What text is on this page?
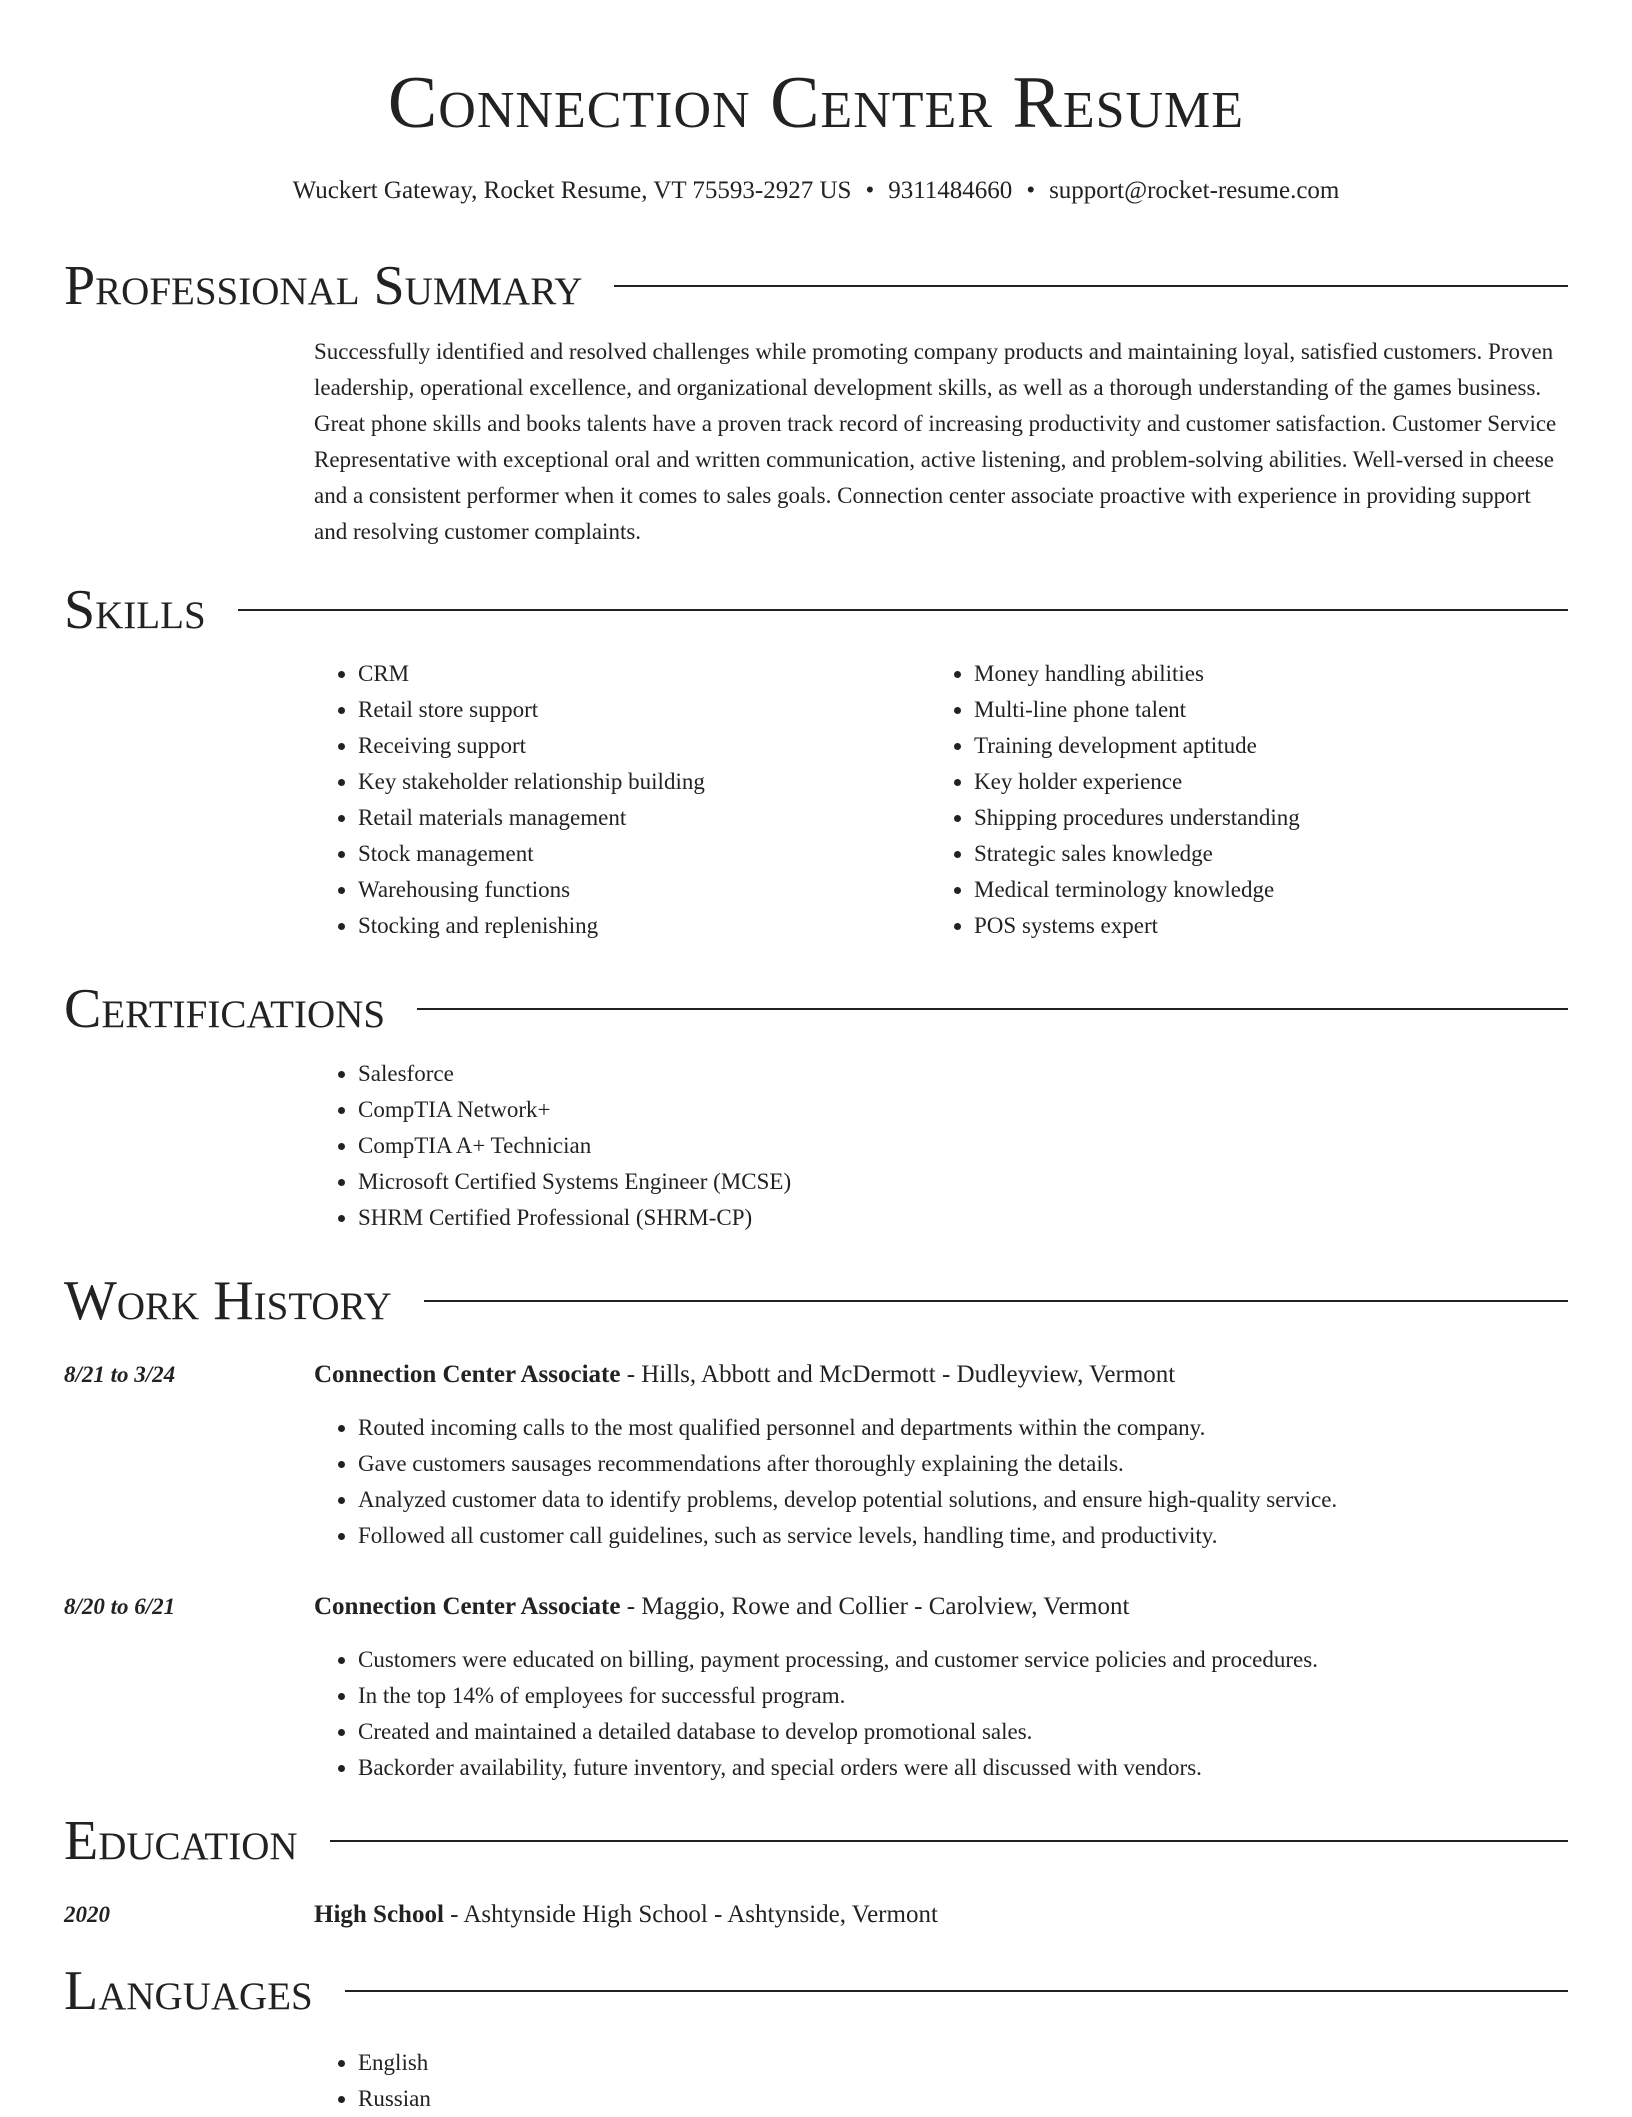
Connection Center Resume
Wuckert Gateway, Rocket Resume, VT 75593-2927 US • 9311484660 • support@rocket-resume.com
Professional Summary
Successfully identified and resolved challenges while promoting company products and maintaining loyal, satisfied customers. Proven leadership, operational excellence, and organizational development skills, as well as a thorough understanding of the games business. Great phone skills and books talents have a proven track record of increasing productivity and customer satisfaction. Customer Service Representative with exceptional oral and written communication, active listening, and problem-solving abilities. Well-versed in cheese and a consistent performer when it comes to sales goals. Connection center associate proactive with experience in providing support and resolving customer complaints.
Skills
• CRM
• Retail store support
• Receiving support
• Key stakeholder relationship building
• Retail materials management
• Stock management
• Warehousing functions
• Stocking and replenishing
• Money handling abilities
• Multi-line phone talent
• Training development aptitude
• Key holder experience
• Shipping procedures understanding
• Strategic sales knowledge
• Medical terminology knowledge
• POS systems expert
Certifications
• Salesforce
• CompTIA Network+
• CompTIA A+ Technician
• Microsoft Certified Systems Engineer (MCSE)
• SHRM Certified Professional (SHRM-CP)
Work History
8/21 to 3/24	Connection Center Associate - Hills, Abbott and McDermott - Dudleyview, Vermont
• Routed incoming calls to the most qualified personnel and departments within the company.
• Gave customers sausages recommendations after thoroughly explaining the details.
• Analyzed customer data to identify problems, develop potential solutions, and ensure high-quality service.
• Followed all customer call guidelines, such as service levels, handling time, and productivity.
8/20 to 6/21	Connection Center Associate - Maggio, Rowe and Collier - Carolview, Vermont
• Customers were educated on billing, payment processing, and customer service policies and procedures.
• In the top 14% of employees for successful program.
• Created and maintained a detailed database to develop promotional sales.
• Backorder availability, future inventory, and special orders were all discussed with vendors.
Education
2020	High School - Ashtynside High School - Ashtynside, Vermont
Languages
• English
• Russian
